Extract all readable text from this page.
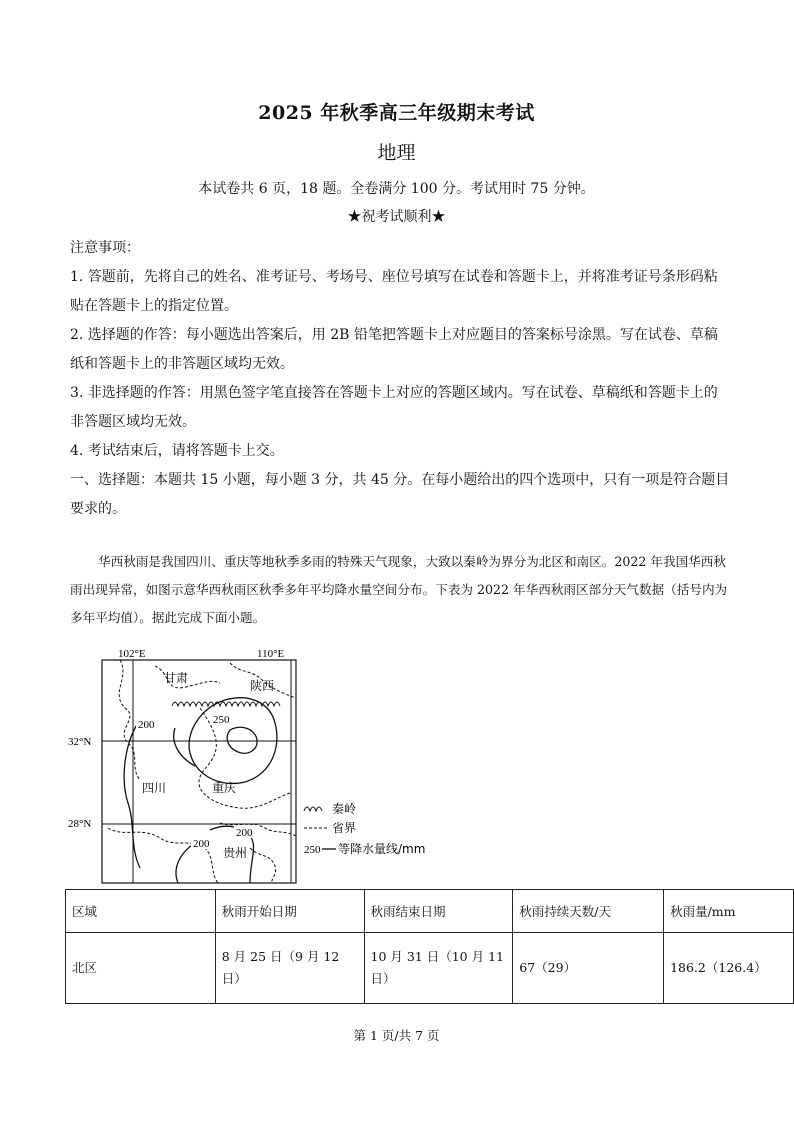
2025 年秋季高三年级期末考试
地理
本试卷共 6 页，18 题。全卷满分 100 分。考试用时 75 分钟。
★祝考试顺利★

注意事项：

1. 答题前，先将自己的姓名、准考证号、考场号、座位号填写在试卷和答题卡上，并将准考证号条形码粘贴在答题卡上的指定位置。

2. 选择题的作答：每小题选出答案后，用 2B 铅笔把答题卡上对应题目的答案标号涂黑。写在试卷、草稿纸和答题卡上的非答题区域均无效。

3. 非选择题的作答：用黑色签字笔直接答在答题卡上对应的答题区域内。写在试卷、草稿纸和答题卡上的非答题区域均无效。

4. 考试结束后，请将答题卡上交。

一、选择题：本题共 15 小题，每小题 3 分，共 45 分。在每小题给出的四个选项中，只有一项是符合题目要求的。

华西秋雨是我国四川、重庆等地秋季多雨的特殊天气现象，大致以秦岭为界分为北区和南区。2022 年我国华西秋雨出现异常，如图示意华西秋雨区秋季多年平均降水量空间分布。下表为 2022 年华西秋雨区部分天气数据（括号内为多年平均值）。据此完成下面小题。

102°E	110°E
32°N
28°N
200	250
200
200
甘肃
陕西
四川	重庆
贵州
秦岭
省界
250 等降水量线/mm
区域	秋雨开始日期	秋雨结束日期	秋雨持续天数/天	秋雨量/mm
北区	8 月 25 日（9 月 12 日）	10 月 31 日（10 月 11 日）	67（29）	186.2（126.4）
第 1 页/共 7 页
